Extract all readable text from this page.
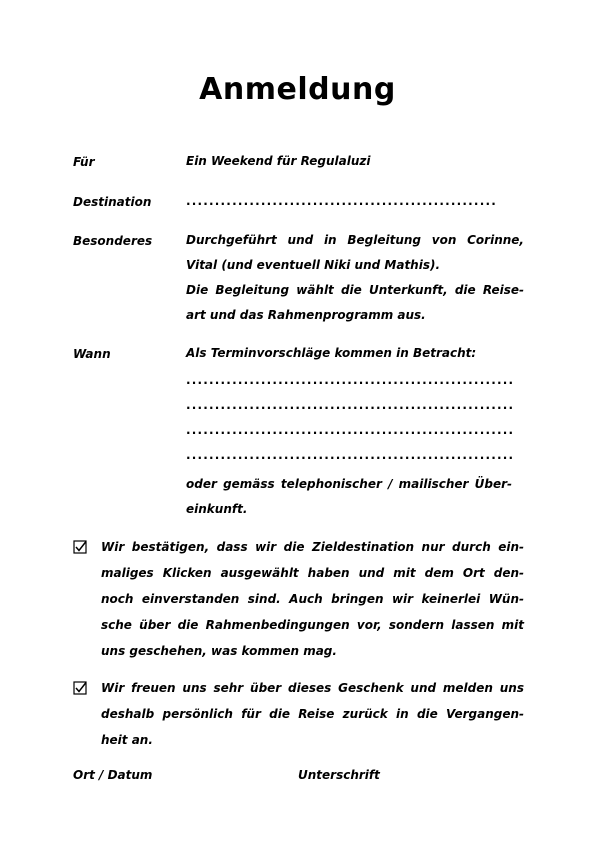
Anmeldung
Für	Ein Weekend für Regulaluzi
Destination	......................................................
Besonderes	Durchgeführt und in Begleitung von Corinne,
Vital (und eventuell Niki und Mathis).
Die Begleitung wählt die Unterkunft, die Reise-
art und das Rahmenprogramm aus.
Wann	Als Terminvorschläge kommen in Betracht:
.........................................................
.........................................................
.........................................................
.........................................................
oder gemäss telephonischer / mailischer Über-
einkunft.
Wir bestätigen, dass wir die Zieldestination nur durch ein-
maliges Klicken ausgewählt haben und mit dem Ort den-
noch einverstanden sind. Auch bringen wir keinerlei Wün-
sche über die Rahmenbedingungen vor, sondern lassen mit
uns geschehen, was kommen mag.
Wir freuen uns sehr über dieses Geschenk und melden uns
deshalb persönlich für die Reise zurück in die Vergangen-
heit an.
Ort / Datum	Unterschrift
